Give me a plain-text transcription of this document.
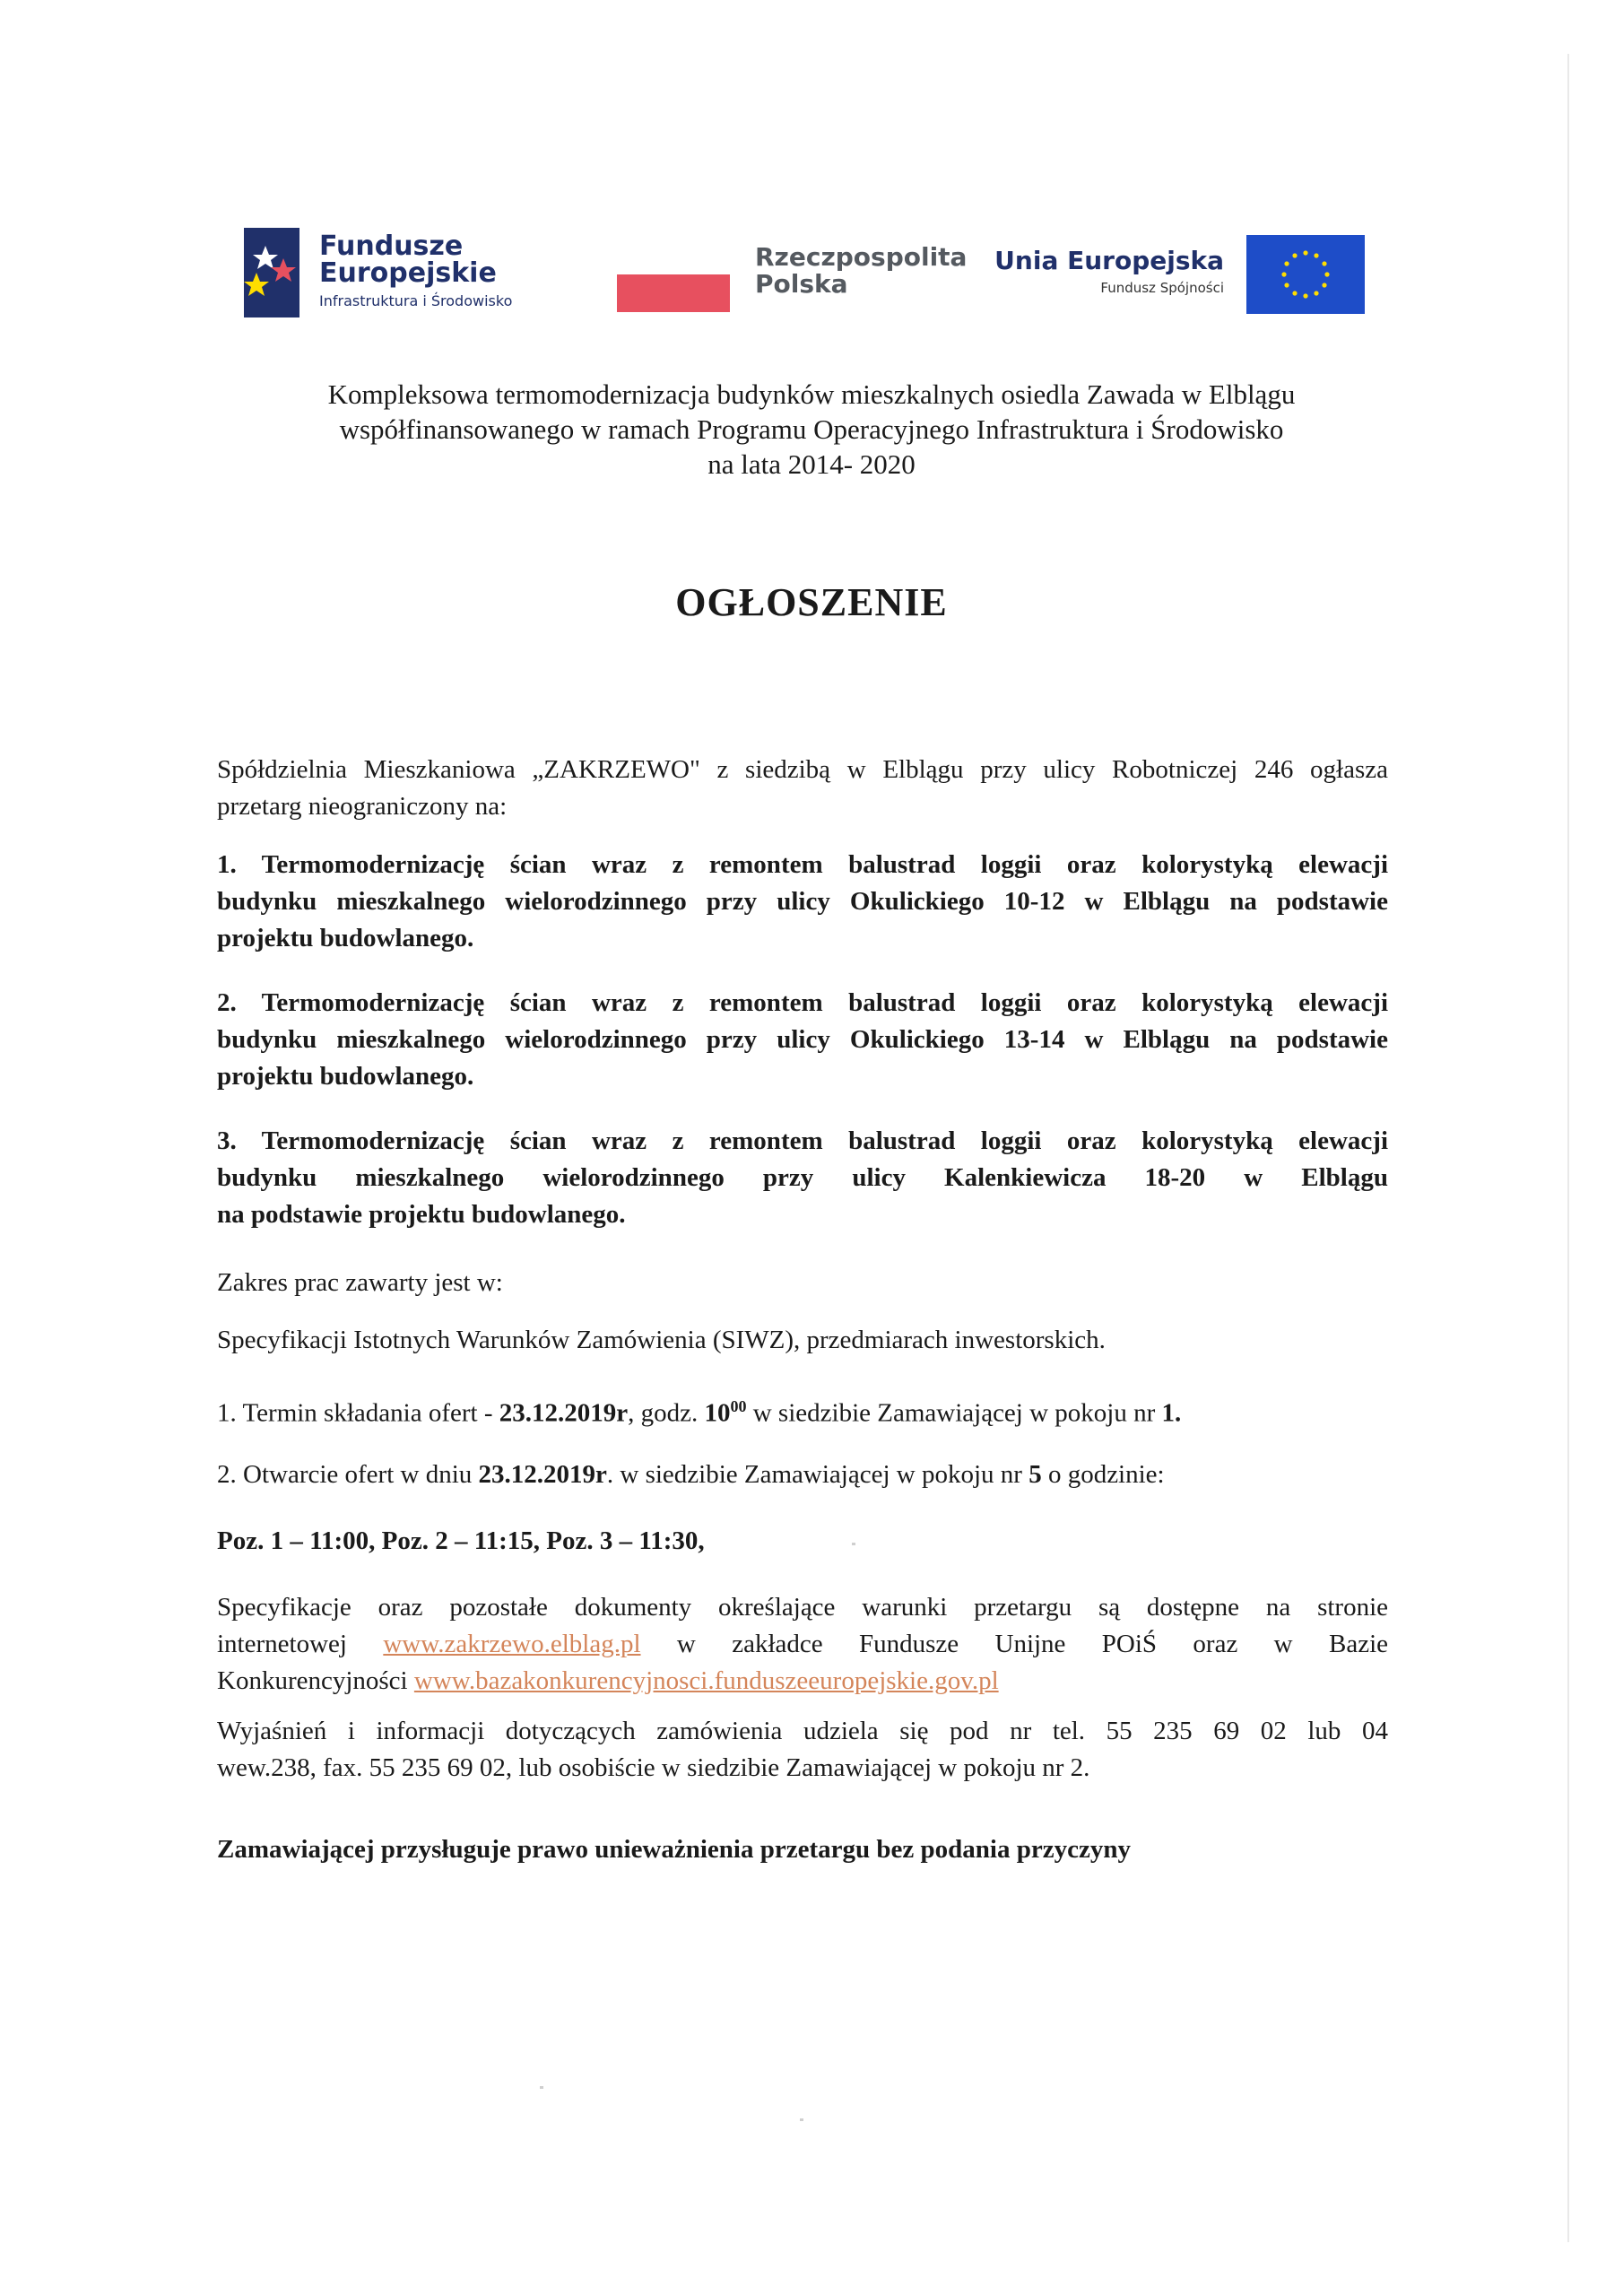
Fundusze
Europejskie
Infrastruktura i Środowisko
Rzeczpospolita
Polska
Unia Europejska
Fundusz Spójności
Kompleksowa termomodernizacja budynków mieszkalnych osiedla Zawada w Elblągu
współfinansowanego w ramach Programu Operacyjnego Infrastruktura i Środowisko
na lata 2014- 2020
OGŁOSZENIE
Spółdzielnia Mieszkaniowa „ZAKRZEWO" z siedzibą w Elblągu przy ulicy Robotniczej 246 ogłasza
przetarg nieograniczony na:
1. Termomodernizację ścian wraz z remontem balustrad loggii oraz kolorystyką elewacji
budynku mieszkalnego wielorodzinnego przy ulicy Okulickiego 10-12 w Elblągu na podstawie
projektu budowlanego.
2. Termomodernizację ścian wraz z remontem balustrad loggii oraz kolorystyką elewacji
budynku mieszkalnego wielorodzinnego przy ulicy Okulickiego 13-14 w Elblągu na podstawie
projektu budowlanego.
3. Termomodernizację ścian wraz z remontem balustrad loggii oraz kolorystyką elewacji
budynku mieszkalnego wielorodzinnego przy ulicy Kalenkiewicza 18-20 w Elblągu
na podstawie projektu budowlanego.
Zakres prac zawarty jest w:
Specyfikacji Istotnych Warunków Zamówienia (SIWZ), przedmiarach inwestorskich.
1. Termin składania ofert - 23.12.2019r, godz. $10^{00}$ w siedzibie Zamawiającej w pokoju nr 1.
2. Otwarcie ofert w dniu 23.12.2019r. w siedzibie Zamawiającej w pokoju nr 5 o godzinie:
Poz. 1 – 11:00, Poz. 2 – 11:15, Poz. 3 – 11:30,
Specyfikacje oraz pozostałe dokumenty określające warunki przetargu są dostępne na stronie
internetowej www.zakrzewo.elblag.pl w zakładce Fundusze Unijne POiŚ oraz w Bazie
Konkurencyjności www.bazakonkurencyjnosci.funduszeeuropejskie.gov.pl
Wyjaśnień i informacji dotyczących zamówienia udziela się pod nr tel. 55 235 69 02 lub 04
wew.238, fax. 55 235 69 02, lub osobiście w siedzibie Zamawiającej w pokoju nr 2.
Zamawiającej przysługuje prawo unieważnienia przetargu bez podania przyczyny
